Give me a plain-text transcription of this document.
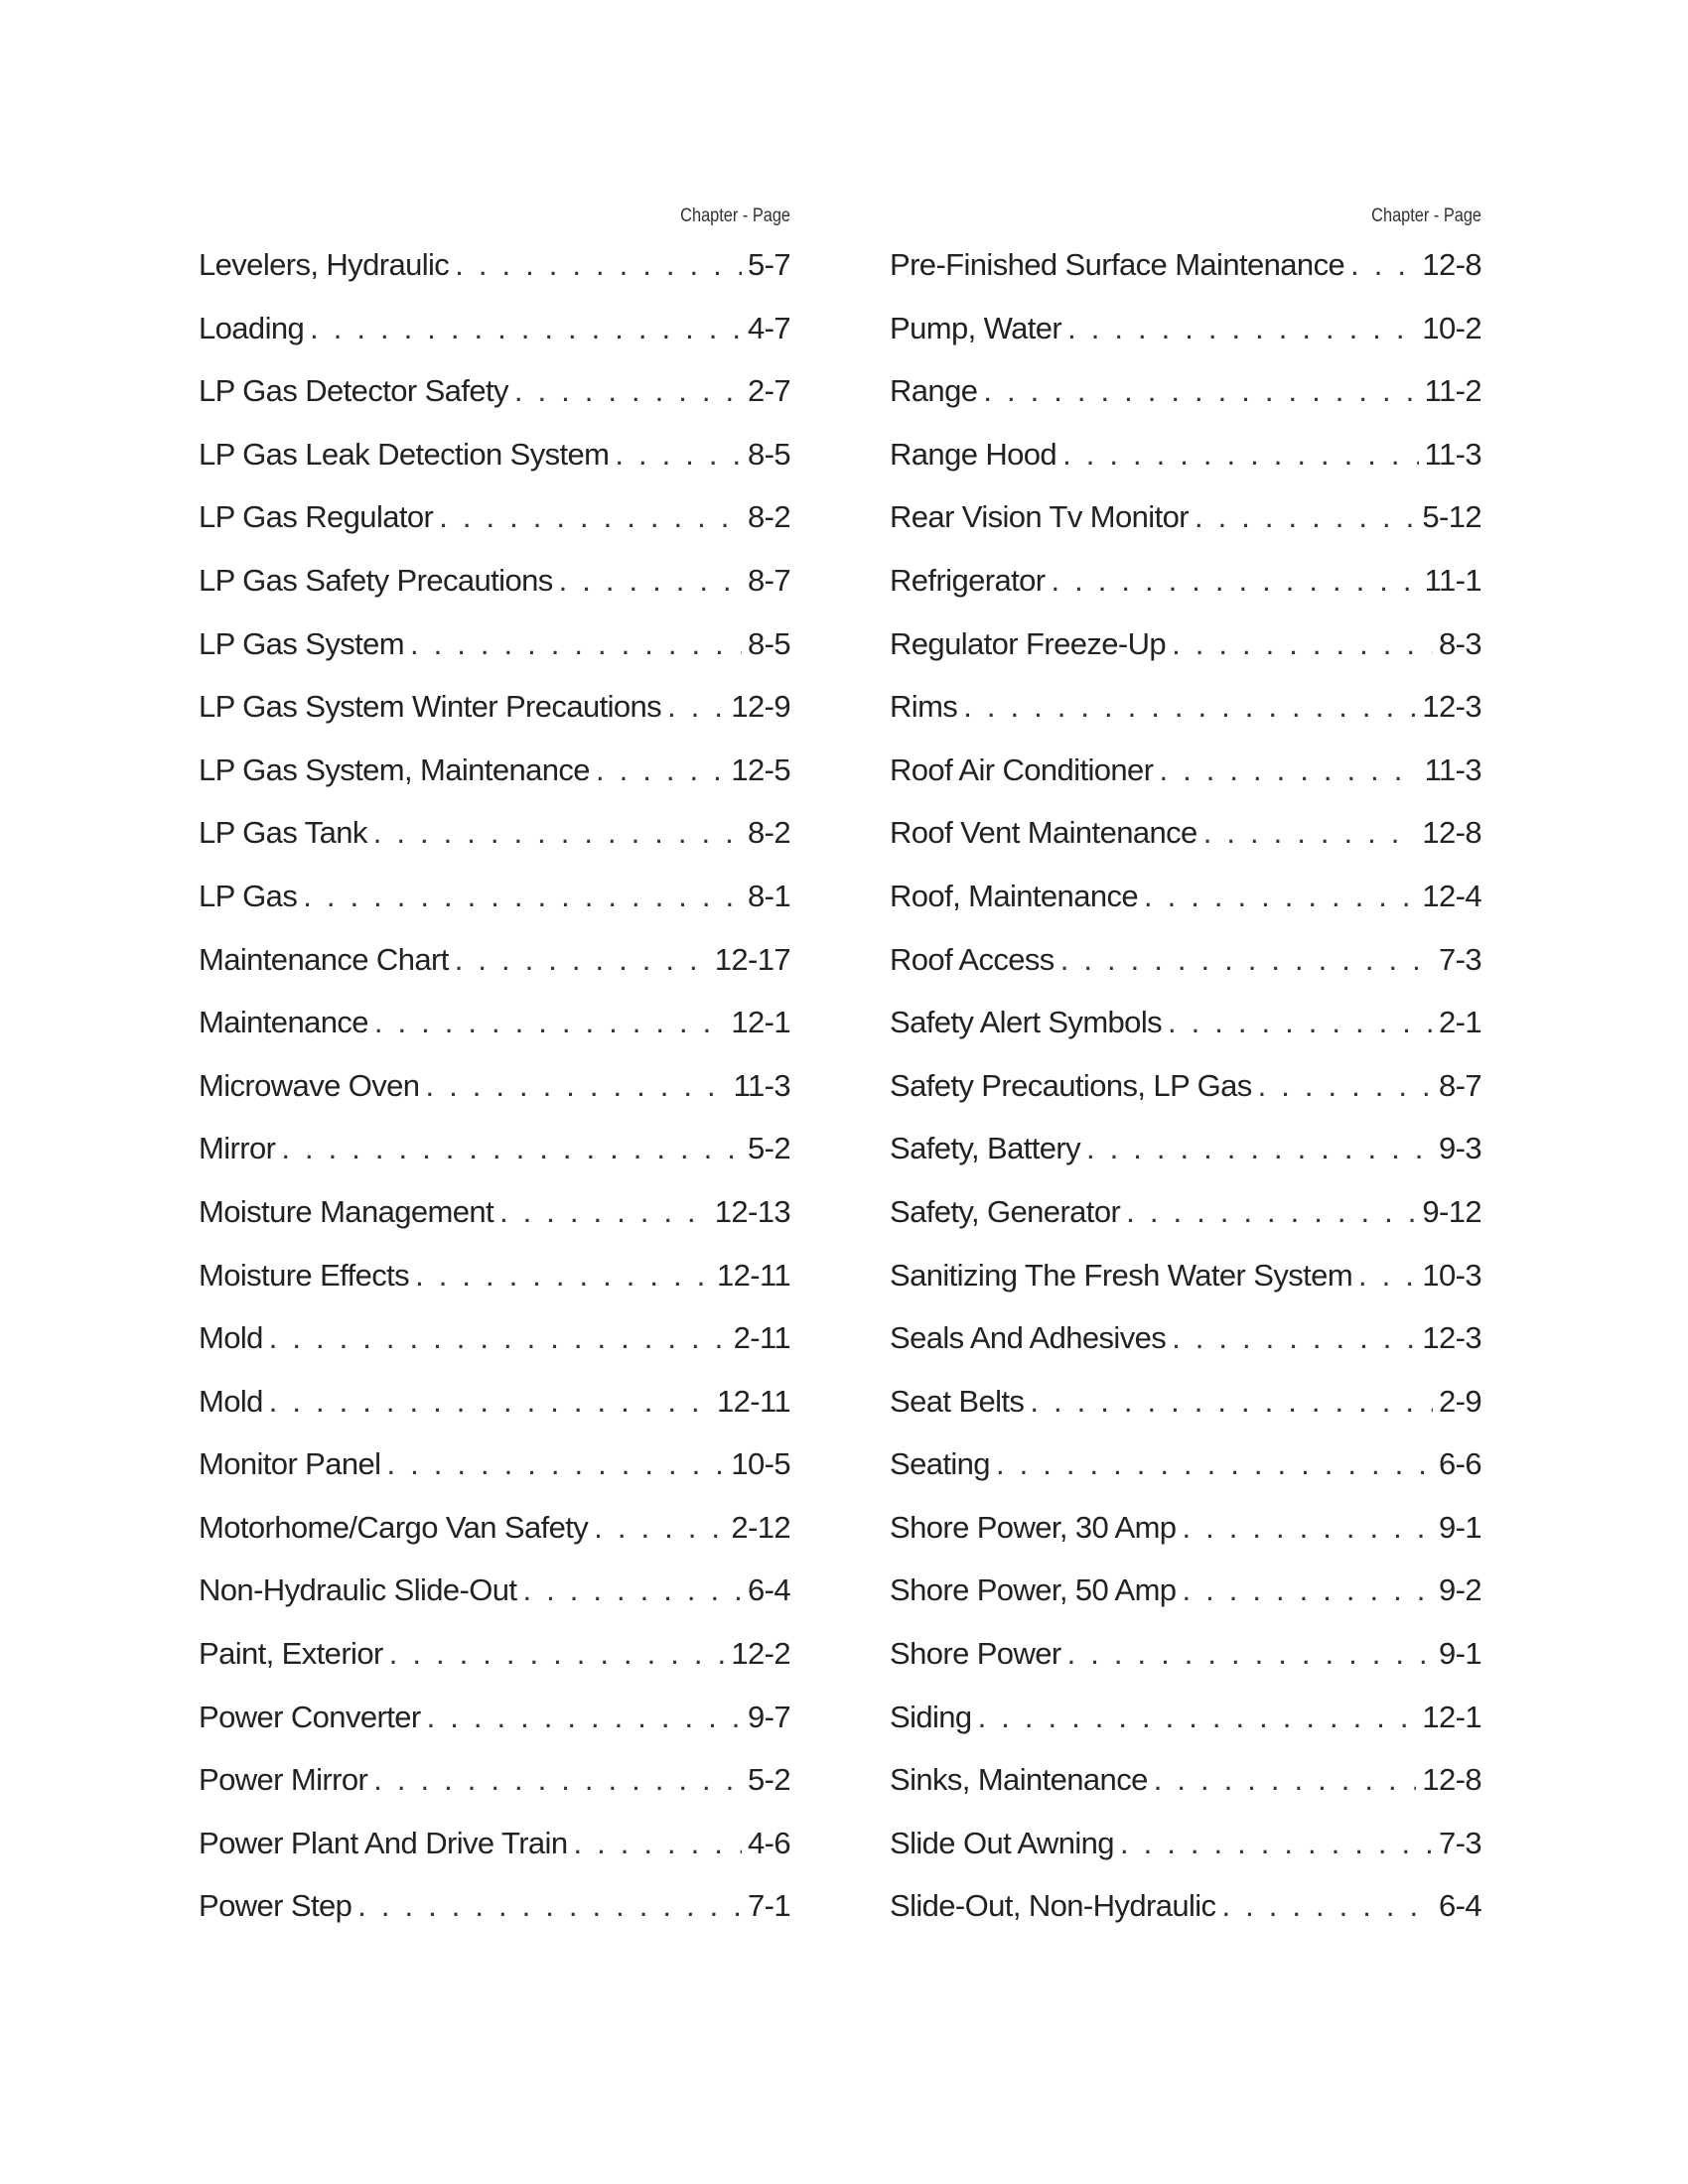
Chapter - Page
Levelers, Hydraulic . . .	5-7
Loading . . .	4-7
LP Gas Detector Safety . . .	2-7
LP Gas Leak Detection System . . .	8-5
LP Gas Regulator . . .	8-2
LP Gas Safety Precautions . . .	8-7
LP Gas System . . .	8-5
LP Gas System Winter Precautions . . . 12-9
LP Gas System, Maintenance . . .	12-5
LP Gas Tank . . .	8-2
LP Gas . . .	8-1
Maintenance Chart . . .	12-17
Maintenance . . .	12-1
Microwave Oven . . .	11-3
Mirror . . .	5-2
Moisture Management . . .	12-13
Moisture Effects . . .	12-11
Mold . . .	2-11
Mold . . .	12-11
Monitor Panel . . .	10-5
Motorhome/Cargo Van Safety . . .	2-12
Non-Hydraulic Slide-Out . . .	6-4
Paint, Exterior . . .	12-2
Power Converter . . .	9-7
Power Mirror . . .	5-2
Power Plant And Drive Train . . .	4-6
Power Step . . .	7-1
Chapter - Page
Pre-Finished Surface Maintenance . . .	12-8
Pump, Water . . .	10-2
Range . . .	11-2
Range Hood . . .	11-3
Rear Vision Tv Monitor . . .	5-12
Refrigerator . . .	11-1
Regulator Freeze-Up . . .	8-3
Rims . . .	12-3
Roof Air Conditioner . . .	11-3
Roof Vent Maintenance . . .	12-8
Roof, Maintenance . . .	12-4
Roof Access . . .	7-3
Safety Alert Symbols . . .	2-1
Safety Precautions, LP Gas . . .	8-7
Safety, Battery . . .	9-3
Safety, Generator . . .	9-12
Sanitizing The Fresh Water System . . . 10-3
Seals And Adhesives . . .	12-3
Seat Belts . . .	2-9
Seating . . .	6-6
Shore Power, 30 Amp . . .	9-1
Shore Power, 50 Amp . . .	9-2
Shore Power . . .	9-1
Siding . . .	12-1
Sinks, Maintenance . . .	12-8
Slide Out Awning . . .	7-3
Slide-Out, Non-Hydraulic . . .	6-4
